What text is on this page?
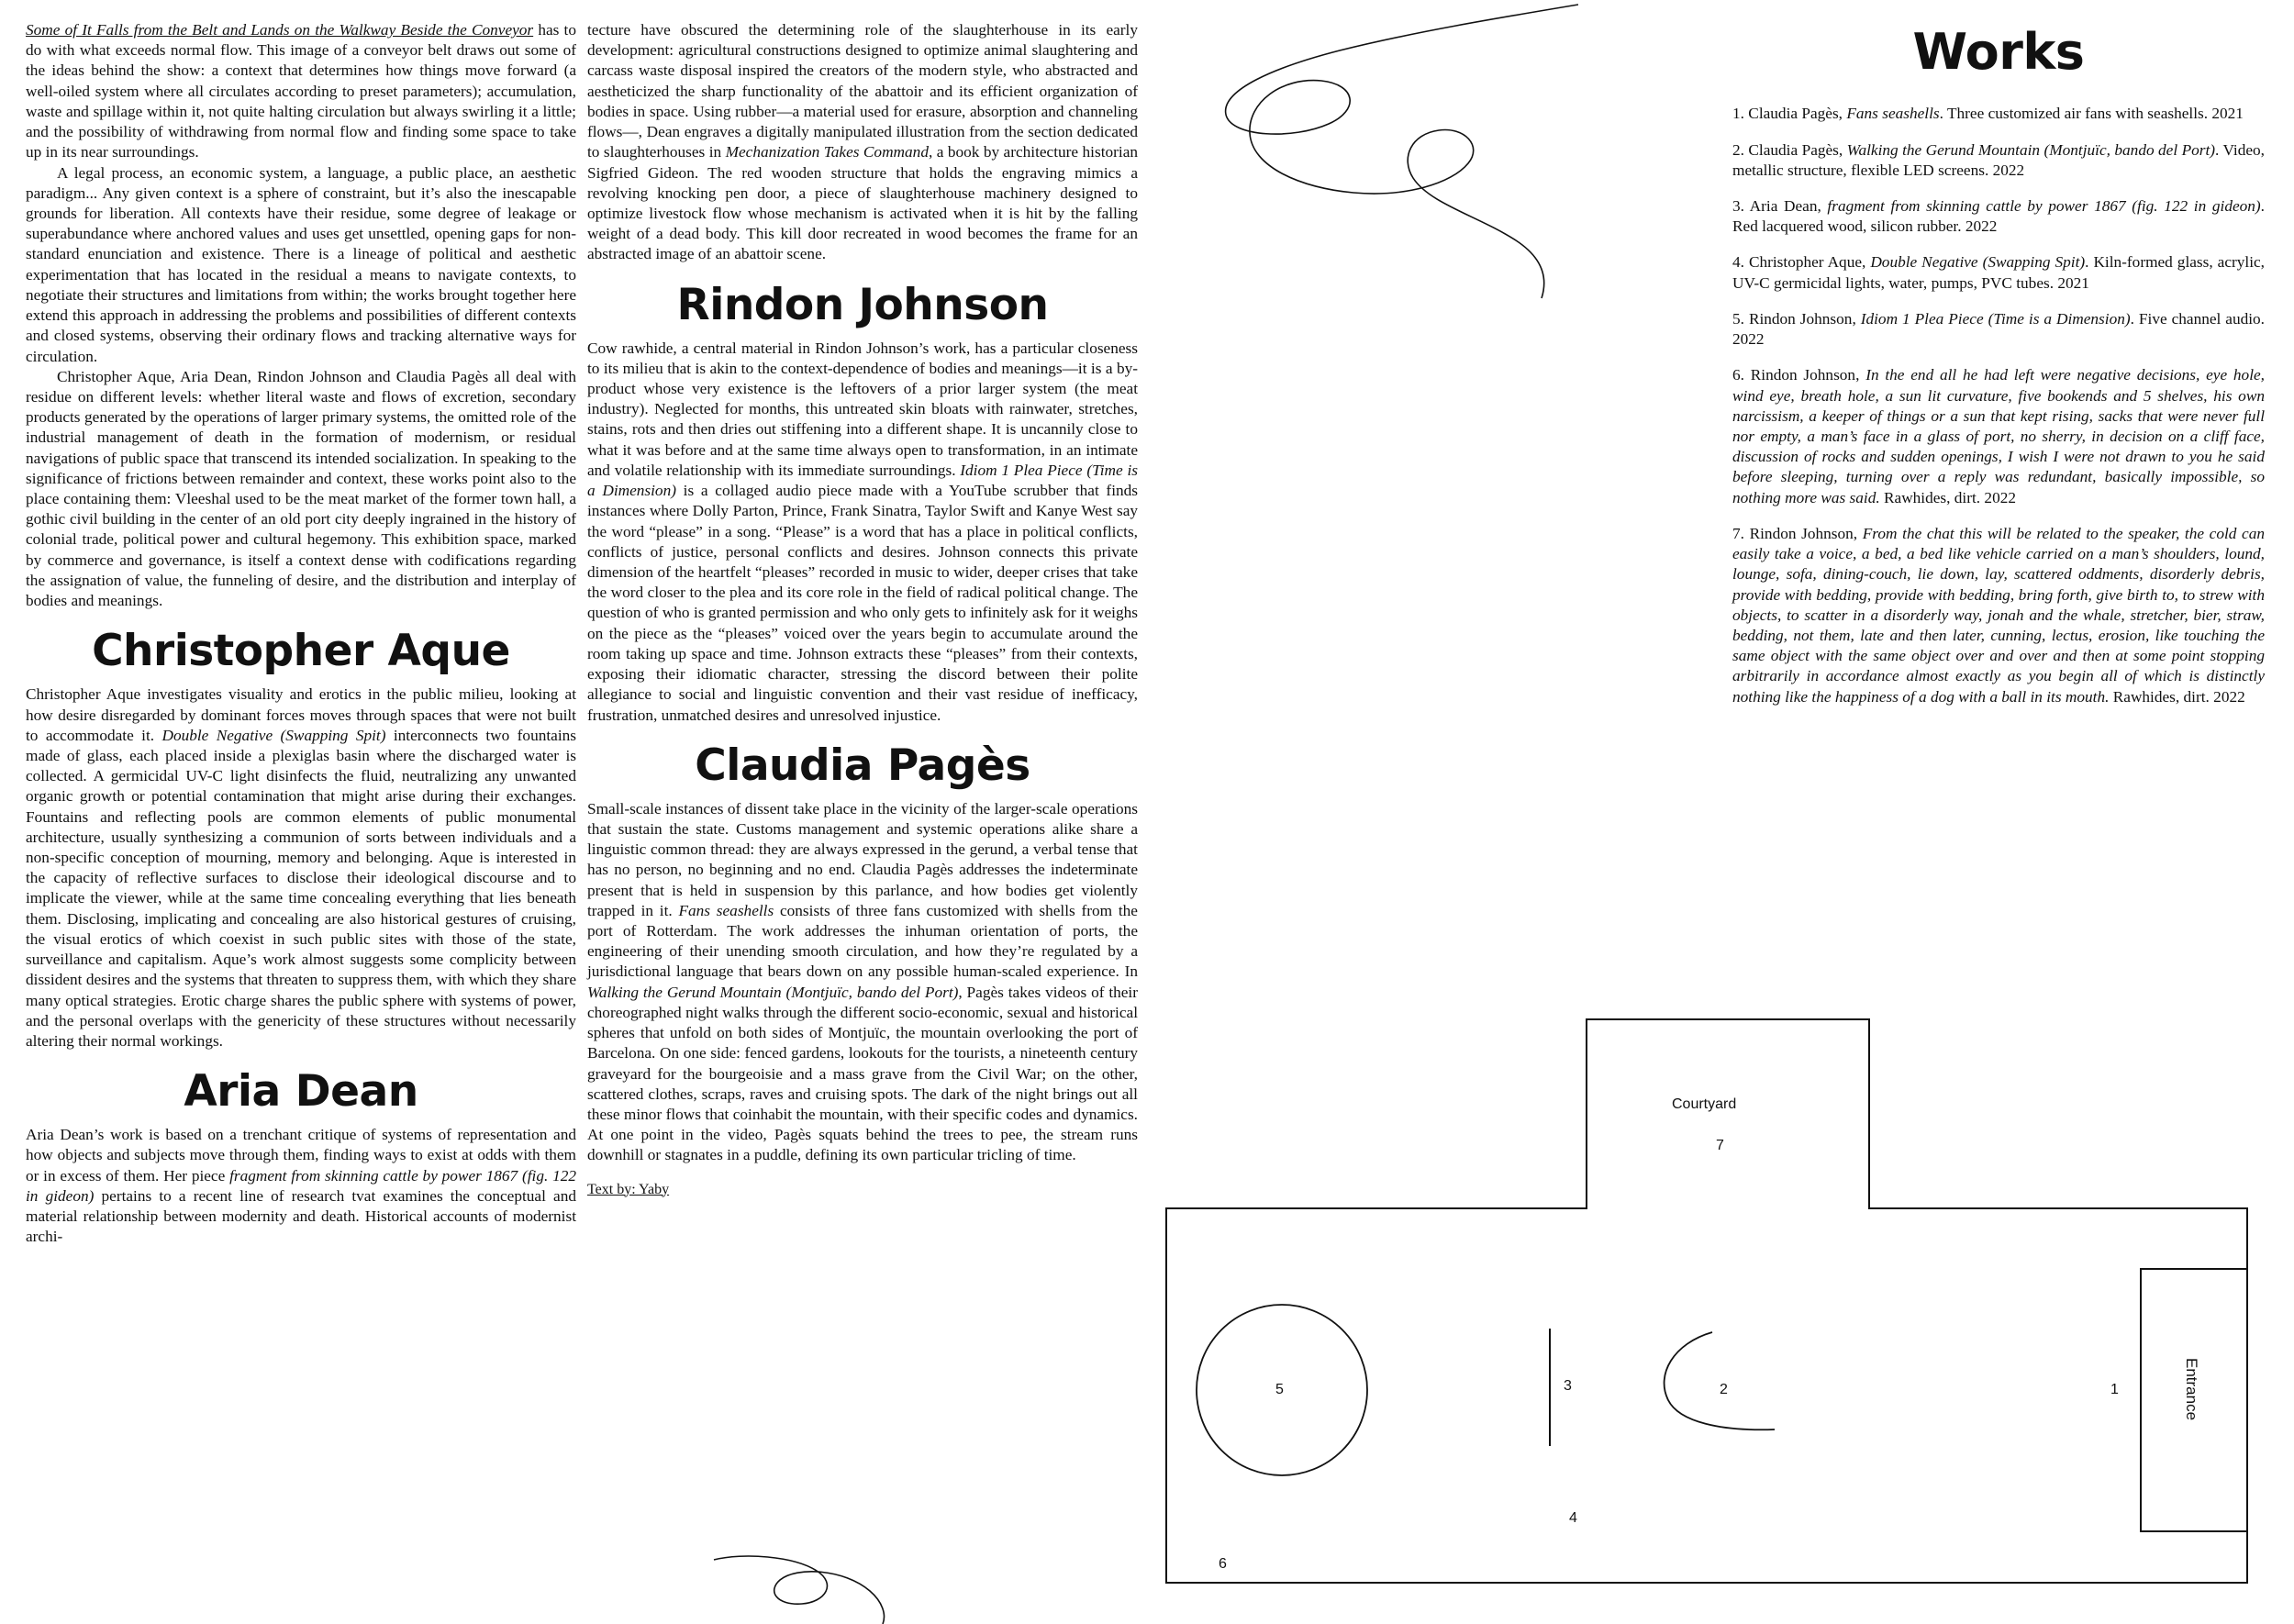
Some of It Falls from the Belt and Lands on the Walkway Beside the Conveyor has to do with what exceeds normal flow. This image of a conveyor belt draws out some of the ideas behind the show: a context that determines how things move forward (a well-oiled system where all circulates according to preset parameters); accumulation, waste and spillage within it, not quite halting circulation but always swirling it a little; and the possibility of withdrawing from normal flow and finding some space to take up in its near surroundings.

A legal process, an economic system, a language, a public place, an aesthetic paradigm... Any given context is a sphere of constraint, but it’s also the inescapable grounds for liberation. All contexts have their residue, some degree of leakage or superabundance where anchored values and uses get unsettled, opening gaps for non-standard enunciation and existence. There is a lineage of political and aesthetic experimentation that has located in the residual a means to navigate contexts, to negotiate their structures and limitations from within; the works brought together here extend this approach in addressing the problems and possibilities of different contexts and closed systems, observing their ordinary flows and tracking alternative ways for circulation.

Christopher Aque, Aria Dean, Rindon Johnson and Claudia Pagès all deal with residue on different levels: whether literal waste and flows of excretion, secondary products generated by the operations of larger primary systems, the omitted role of the industrial management of death in the formation of modernism, or residual navigations of public space that transcend its intended socialization. In speaking to the significance of frictions between remainder and context, these works point also to the place containing them: Vleeshal used to be the meat market of the former town hall, a gothic civil building in the center of an old port city deeply ingrained in the history of colonial trade, political power and cultural hegemony. This exhibition space, marked by commerce and governance, is itself a context dense with codifications regarding the assignation of value, the funneling of desire, and the distribution and interplay of bodies and meanings.

Christopher Aque

Christopher Aque investigates visuality and erotics in the public milieu, looking at how desire disregarded by dominant forces moves through spaces that were not built to accommodate it. Double Negative (Swapping Spit) interconnects two fountains made of glass, each placed inside a plexiglas basin where the discharged water is collected. A germicidal UV-C light disinfects the fluid, neutralizing any unwanted organic growth or potential contamination that might arise during their exchanges. Fountains and reflecting pools are common elements of public monumental architecture, usually synthesizing a communion of sorts between individuals and a non-specific conception of mourning, memory and belonging. Aque is interested in the capacity of reflective surfaces to disclose their ideological discourse and to implicate the viewer, while at the same time concealing everything that lies beneath them. Disclosing, implicating and concealing are also historical gestures of cruising, the visual erotics of which coexist in such public sites with those of the state, surveillance and capitalism. Aque’s work almost suggests some complicity between dissident desires and the systems that threaten to suppress them, with which they share many optical strategies. Erotic charge shares the public sphere with systems of power, and the personal overlaps with the genericity of these structures without necessarily altering their normal workings.

Aria Dean

Aria Dean’s work is based on a trenchant critique of systems of representation and how objects and subjects move through them, finding ways to exist at odds with them or in excess of them. Her piece fragment from skinning cattle by power 1867 (fig. 122 in gideon) pertains to a recent line of research tvat examines the conceptual and material relationship between modernity and death. Historical accounts of modernist archi-

tecture have obscured the determining role of the slaughterhouse in its early development: agricultural constructions designed to optimize animal slaughtering and carcass waste disposal inspired the creators of the modern style, who abstracted and aestheticized the sharp functionality of the abattoir and its efficient organization of bodies in space. Using rubber—a material used for erasure, absorption and channeling flows—, Dean engraves a digitally manipulated illustration from the section dedicated to slaughterhouses in Mechanization Takes Command, a book by architecture historian Sigfried Gideon. The red wooden structure that holds the engraving mimics a revolving knocking pen door, a piece of slaughterhouse machinery designed to optimize livestock flow whose mechanism is activated when it is hit by the falling weight of a dead body. This kill door recreated in wood becomes the frame for an abstracted image of an abattoir scene.

Rindon Johnson

Cow rawhide, a central material in Rindon Johnson’s work, has a particular closeness to its milieu that is akin to the context-dependence of bodies and meanings—it is a by-product whose very existence is the leftovers of a prior larger system (the meat industry). Neglected for months, this untreated skin bloats with rainwater, stretches, stains, rots and then dries out stiffening into a different shape. It is uncannily close to what it was before and at the same time always open to transformation, in an intimate and volatile relationship with its immediate surroundings. Idiom 1 Plea Piece (Time is a Dimension) is a collaged audio piece made with a YouTube scrubber that finds instances where Dolly Parton, Prince, Frank Sinatra, Taylor Swift and Kanye West say the word “please” in a song. “Please” is a word that has a place in political conflicts, conflicts of justice, personal conflicts and desires. Johnson connects this private dimension of the heartfelt “pleases” recorded in music to wider, deeper crises that take the word closer to the plea and its core role in the field of radical political change. The question of who is granted permission and who only gets to infinitely ask for it weighs on the piece as the “pleases” voiced over the years begin to accumulate around the room taking up space and time. Johnson extracts these “pleases” from their contexts, exposing their idiomatic character, stressing the discord between their polite allegiance to social and linguistic convention and their vast residue of inefficacy, frustration, unmatched desires and unresolved injustice.

Claudia Pagès

Small-scale instances of dissent take place in the vicinity of the larger-scale operations that sustain the state. Customs management and systemic operations alike share a linguistic common thread: they are always expressed in the gerund, a verbal tense that has no person, no beginning and no end. Claudia Pagès addresses the indeterminate present that is held in suspension by this parlance, and how bodies get violently trapped in it. Fans seashells consists of three fans customized with shells from the port of Rotterdam. The work addresses the inhuman orientation of ports, the engineering of their unending smooth circulation, and how they’re regulated by a jurisdictional language that bears down on any possible human-scaled experience. In Walking the Gerund Mountain (Montjuïc, bando del Port), Pagès takes videos of their choreographed night walks through the different socio-economic, sexual and historical spheres that unfold on both sides of Montjuïc, the mountain overlooking the port of Barcelona. On one side: fenced gardens, lookouts for the tourists, a nineteenth century graveyard for the bourgeoisie and a mass grave from the Civil War; on the other, scattered clothes, scraps, raves and cruising spots. The dark of the night brings out all these minor flows that coinhabit the mountain, with their specific codes and dynamics. At one point in the video, Pagès squats behind the trees to pee, the stream runs downhill or stagnates in a puddle, defining its own particular tricling of time.

Text by: Yaby
Works
1. Claudia Pagès, Fans seashells. Three customized air fans with seashells. 2021
2. Claudia Pagès, Walking the Gerund Mountain (Montjuïc, bando del Port). Video, metallic structure, flexible LED screens. 2022
3. Aria Dean, fragment from skinning cattle by power 1867 (fig. 122 in gideon). Red lacquered wood, silicon rubber. 2022
4. Christopher Aque, Double Negative (Swapping Spit). Kiln-formed glass, acrylic, UV-C germicidal lights, water, pumps, PVC tubes. 2021
5. Rindon Johnson, Idiom 1 Plea Piece (Time is a Dimension). Five channel audio. 2022
6. Rindon Johnson, In the end all he had left were negative decisions, eye hole, wind eye, breath hole, a sun lit curvature, five bookends and 5 shelves, his own narcissism, a keeper of things or a sun that kept rising, sacks that were never full nor empty, a man’s face in a glass of port, no sherry, in decision on a cliff face, discussion of rocks and sudden openings, I wish I were not drawn to you he said before sleeping, turning over a reply was redundant, basically impossible, so nothing more was said. Rawhides, dirt. 2022
7. Rindon Johnson, From the chat this will be related to the speaker, the cold can easily take a voice, a bed, a bed like vehicle carried on a man’s shoulders, lound, lounge, sofa, dining-couch, lie down, lay, scattered oddments, disorderly debris, provide with bedding, provide with bedding, bring forth, give birth to, to strew with objects, to scatter in a disorderly way, jonah and the whale, stretcher, bier, straw, bedding, not them, late and then later, cunning, lectus, erosion, like touching the same object with the same object over and over and then at some point stopping arbitrarily in accordance almost exactly as you begin all of which is distinctly nothing like the happiness of a dog with a ball in its mouth. Rawhides, dirt. 2022
Courtyard
7
Entrance
5	3	2	1
4
6
